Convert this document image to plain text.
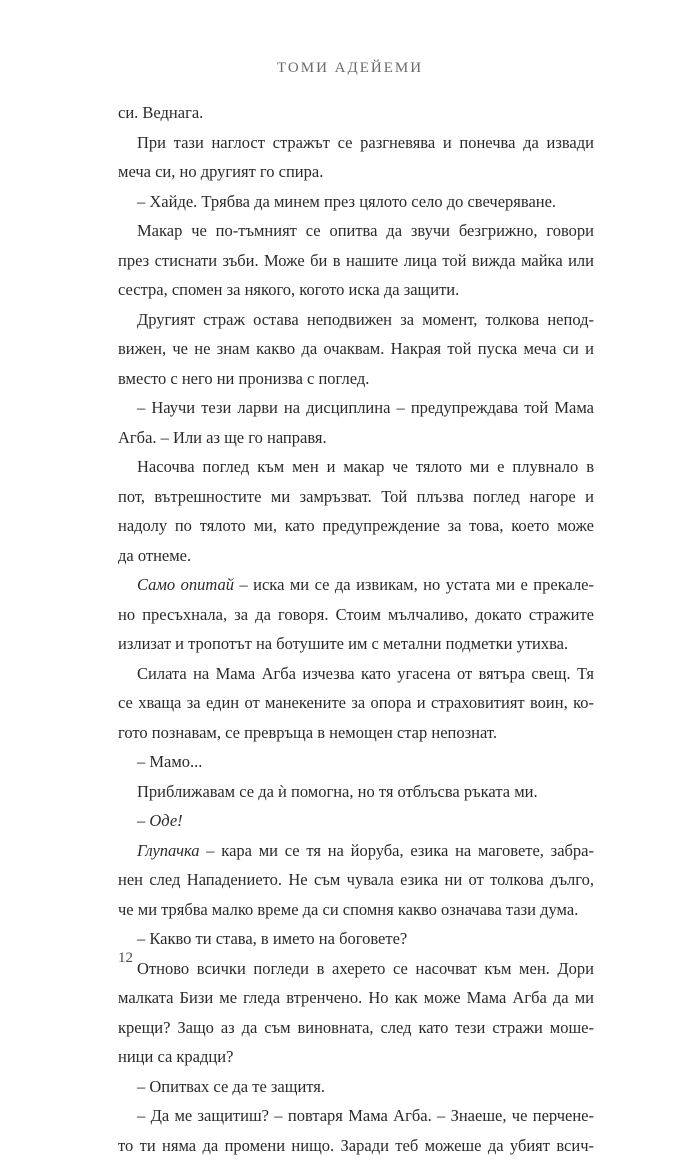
ТОМИ АДЕЙЕМИ
си. Веднага.
При тази наглост стражът се разгневява и понечва да извади
меча си, но другият го спира.
– Хайде. Трябва да минем през цялото село до свечеряване.
Макар че по-тъмният се опитва да звучи безгрижно, говори
през стиснати зъби. Може би в нашите лица той вижда майка или
сестра, спомен за някого, когото иска да защити.
Другият страж остава неподвижен за момент, толкова непод-
вижен, че не знам какво да очаквам. Накрая той пуска меча си и
вместо с него ни пронизва с поглед.
– Научи тези ларви на дисциплина – предупреждава той Мама
Агба. – Или аз ще го направя.
Насочва поглед към мен и макар че тялото ми е плувнало в
пот, вътрешностите ми замръзват. Той плъзва поглед нагоре и
надолу по тялото ми, като предупреждение за това, което може
да отнеме.
Само опитай – иска ми се да извикам, но устата ми е прекале-
но пресъхнала, за да говоря. Стоим мълчаливо, докато стражите
излизат и тропотът на ботушите им с метални подметки утихва.
Силата на Мама Агба изчезва като угасена от вятъра свещ. Тя
се хваща за един от манекените за опора и страховитият воин, ко-
гото познавам, се превръща в немощен стар непознат.
– Мамо...
Приближавам се да ѝ помогна, но тя отблъсва ръката ми.
– Оде!
Глупачка – кара ми се тя на йоруба, езика на маговете, забра-
нен след Нападението. Не съм чувала езика ни от толкова дълго,
че ми трябва малко време да си спомня какво означава тази дума.
– Какво ти става, в името на боговете?
Отново всички погледи в ахерето се насочват към мен. Дори
малката Бизи ме гледа втренчено. Но как може Мама Агба да ми
крещи? Защо аз да съм виновната, след като тези стражи моше-
ници са крадци?
– Опитвах се да те защитя.
– Да ме защитиш? – повтаря Мама Агба. – Знаеше, че перчене-
то ти няма да промени нищо. Заради теб можеше да убият всич-
12
